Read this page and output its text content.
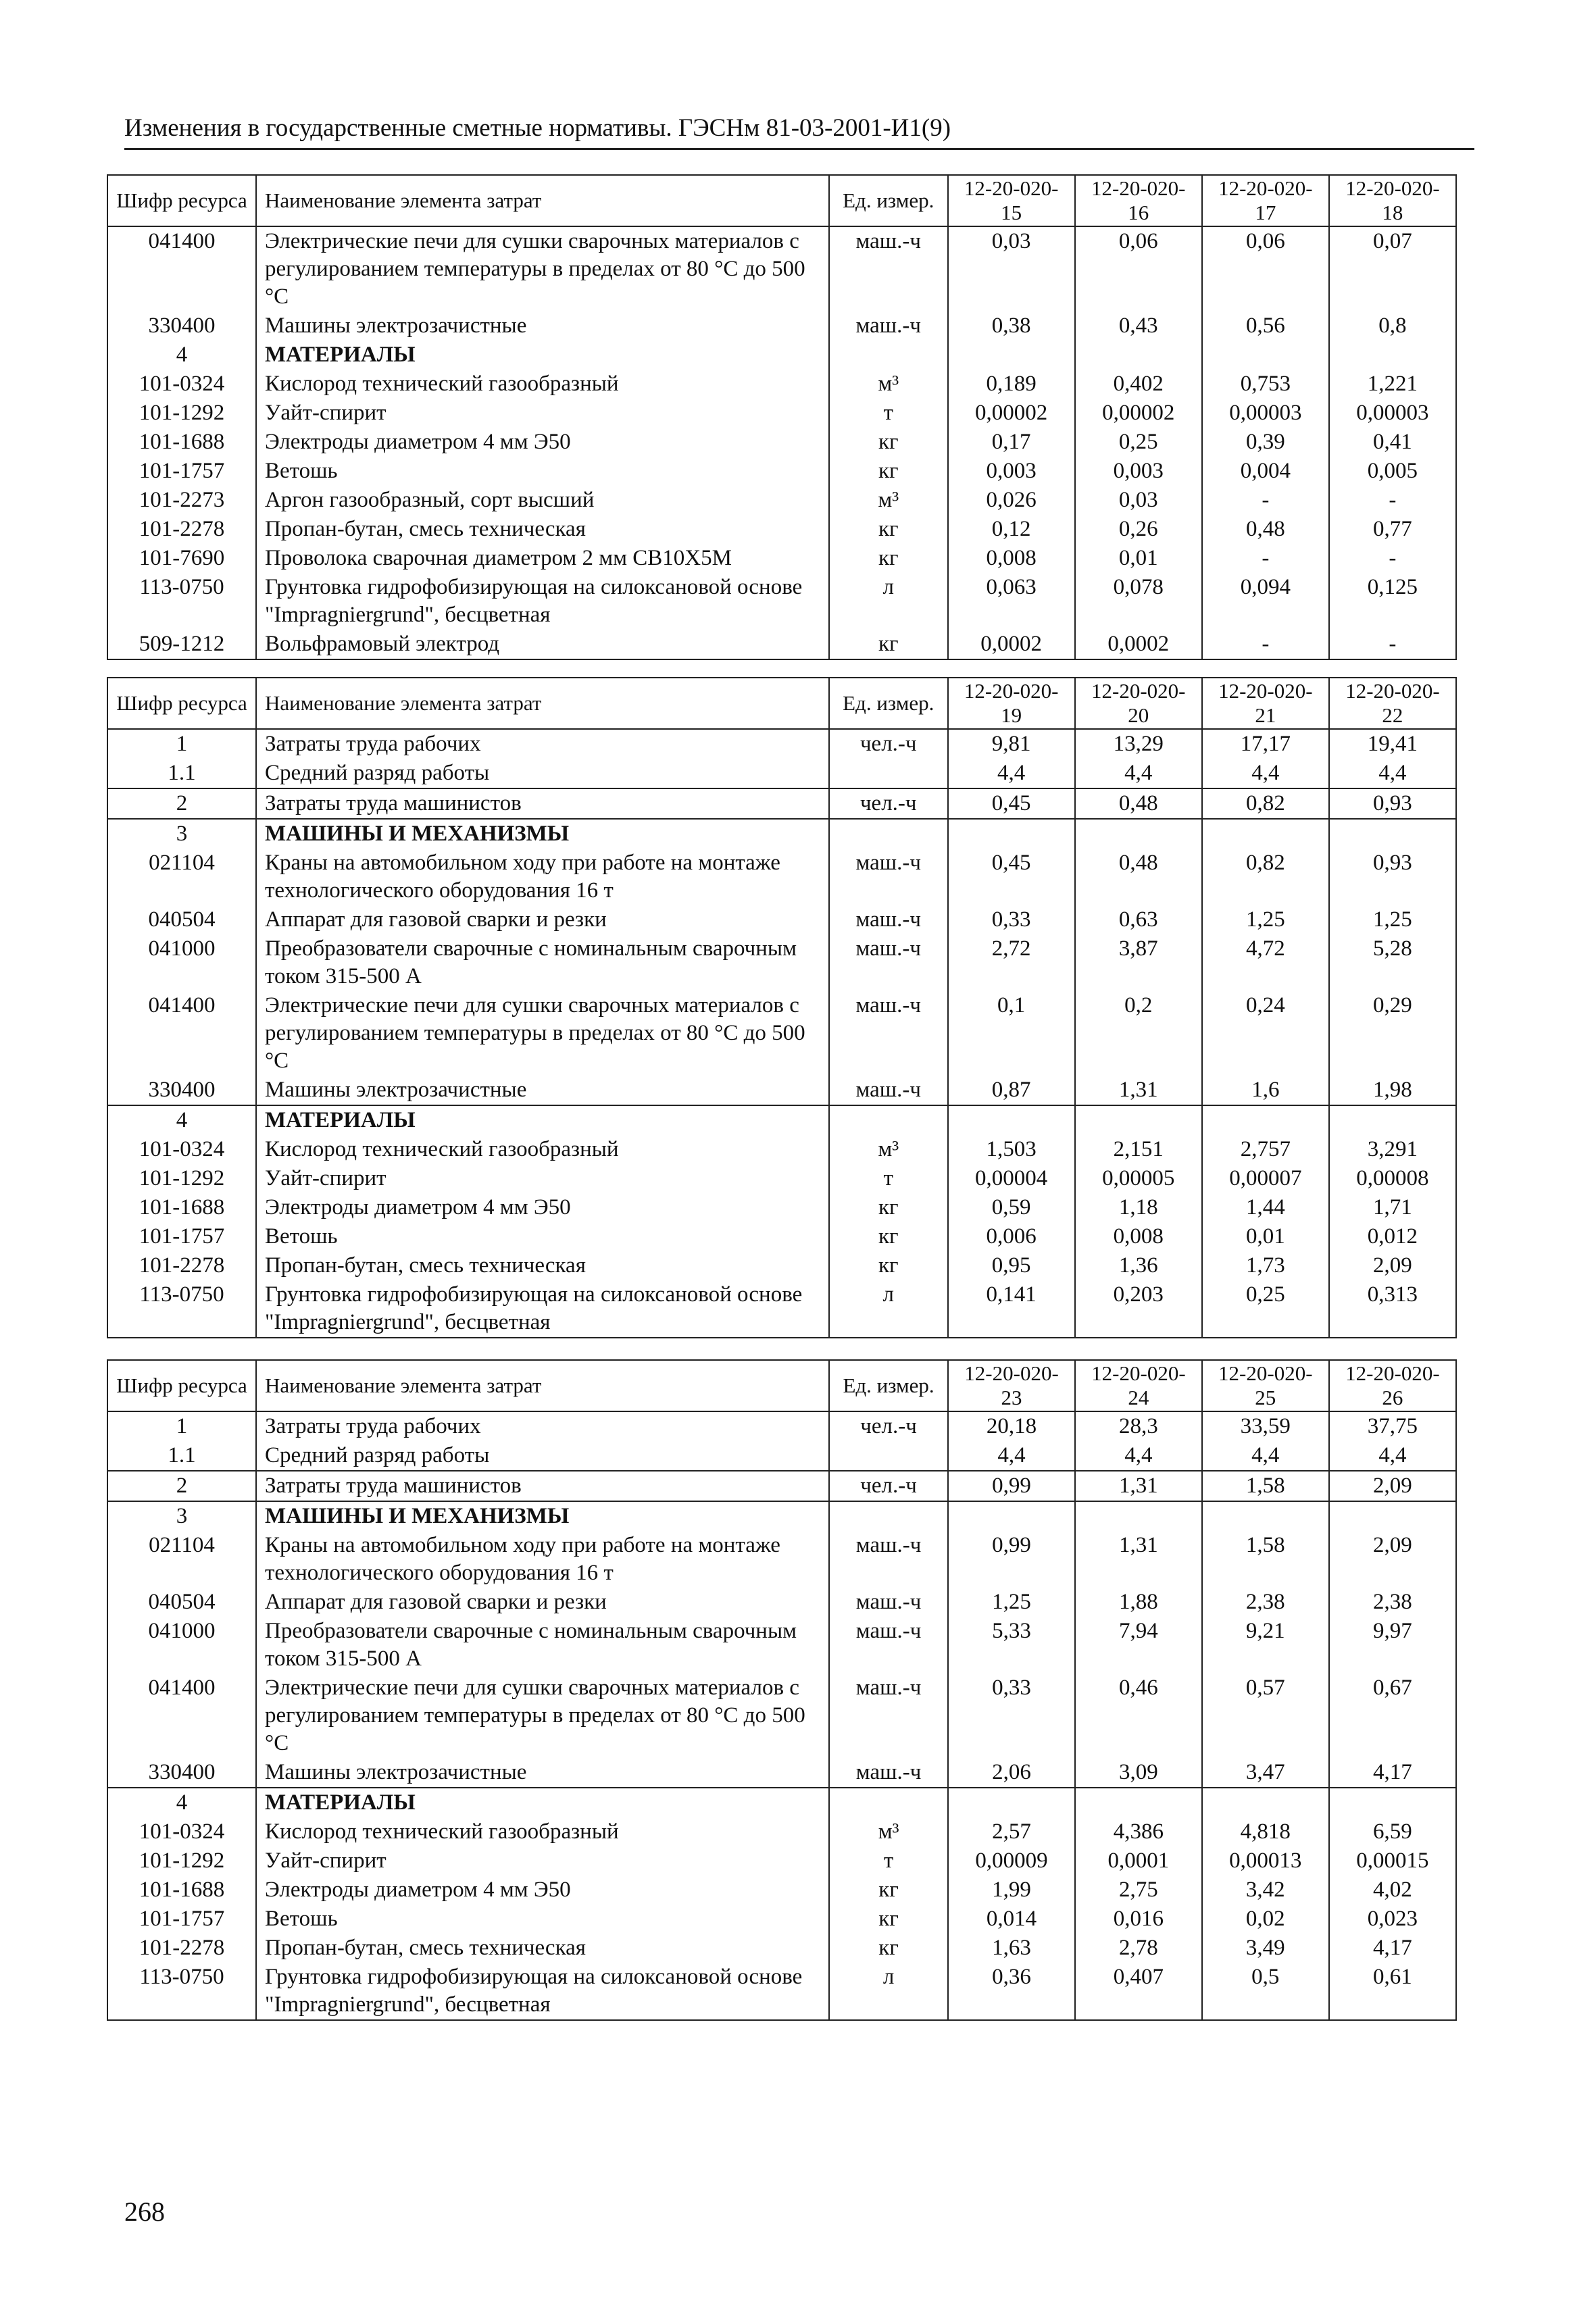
Изменения в государственные сметные нормативы. ГЭСНм 81-03-2001-И1(9)
Шифр ресурса	Наименование элемента затрат	Ед. измер.	12-20-020-15	12-20-020-16	12-20-020-17	12-20-020-18
041400	Электрические печи для сушки сварочных материалов с регулированием температуры в пределах от 80 °С до 500 °С	маш.-ч	0,03	0,06	0,06	0,07
330400	Машины электрозачистные	маш.-ч	0,38	0,43	0,56	0,8
4	МАТЕРИАЛЫ					
101-0324	Кислород технический газообразный	м³	0,189	0,402	0,753	1,221
101-1292	Уайт-спирит	т	0,00002	0,00002	0,00003	0,00003
101-1688	Электроды диаметром 4 мм Э50	кг	0,17	0,25	0,39	0,41
101-1757	Ветошь	кг	0,003	0,003	0,004	0,005
101-2273	Аргон газообразный, сорт высший	м³	0,026	0,03	-	-
101-2278	Пропан-бутан, смесь техническая	кг	0,12	0,26	0,48	0,77
101-7690	Проволока сварочная диаметром 2 мм СВ10Х5М	кг	0,008	0,01	-	-
113-0750	Грунтовка гидрофобизирующая на силоксановой основе "Impragniergrund", бесцветная	л	0,063	0,078	0,094	0,125
509-1212	Вольфрамовый электрод	кг	0,0002	0,0002	-	-
Шифр ресурса	Наименование элемента затрат	Ед. измер.	12-20-020-19	12-20-020-20	12-20-020-21	12-20-020-22
1	Затраты труда рабочих	чел.-ч	9,81	13,29	17,17	19,41
1.1	Средний разряд работы		4,4	4,4	4,4	4,4
2	Затраты труда машинистов	чел.-ч	0,45	0,48	0,82	0,93
3	МАШИНЫ И МЕХАНИЗМЫ					
021104	Краны на автомобильном ходу при работе на монтаже технологического оборудования 16 т	маш.-ч	0,45	0,48	0,82	0,93
040504	Аппарат для газовой сварки и резки	маш.-ч	0,33	0,63	1,25	1,25
041000	Преобразователи сварочные с номинальным сварочным током 315-500 А	маш.-ч	2,72	3,87	4,72	5,28
041400	Электрические печи для сушки сварочных материалов с регулированием температуры в пределах от 80 °С до 500 °С	маш.-ч	0,1	0,2	0,24	0,29
330400	Машины электрозачистные	маш.-ч	0,87	1,31	1,6	1,98
4	МАТЕРИАЛЫ					
101-0324	Кислород технический газообразный	м³	1,503	2,151	2,757	3,291
101-1292	Уайт-спирит	т	0,00004	0,00005	0,00007	0,00008
101-1688	Электроды диаметром 4 мм Э50	кг	0,59	1,18	1,44	1,71
101-1757	Ветошь	кг	0,006	0,008	0,01	0,012
101-2278	Пропан-бутан, смесь техническая	кг	0,95	1,36	1,73	2,09
113-0750	Грунтовка гидрофобизирующая на силоксановой основе "Impragniergrund", бесцветная	л	0,141	0,203	0,25	0,313
Шифр ресурса	Наименование элемента затрат	Ед. измер.	12-20-020-23	12-20-020-24	12-20-020-25	12-20-020-26
1	Затраты труда рабочих	чел.-ч	20,18	28,3	33,59	37,75
1.1	Средний разряд работы		4,4	4,4	4,4	4,4
2	Затраты труда машинистов	чел.-ч	0,99	1,31	1,58	2,09
3	МАШИНЫ И МЕХАНИЗМЫ					
021104	Краны на автомобильном ходу при работе на монтаже технологического оборудования 16 т	маш.-ч	0,99	1,31	1,58	2,09
040504	Аппарат для газовой сварки и резки	маш.-ч	1,25	1,88	2,38	2,38
041000	Преобразователи сварочные с номинальным сварочным током 315-500 А	маш.-ч	5,33	7,94	9,21	9,97
041400	Электрические печи для сушки сварочных материалов с регулированием температуры в пределах от 80 °С до 500 °С	маш.-ч	0,33	0,46	0,57	0,67
330400	Машины электрозачистные	маш.-ч	2,06	3,09	3,47	4,17
4	МАТЕРИАЛЫ					
101-0324	Кислород технический газообразный	м³	2,57	4,386	4,818	6,59
101-1292	Уайт-спирит	т	0,00009	0,0001	0,00013	0,00015
101-1688	Электроды диаметром 4 мм Э50	кг	1,99	2,75	3,42	4,02
101-1757	Ветошь	кг	0,014	0,016	0,02	0,023
101-2278	Пропан-бутан, смесь техническая	кг	1,63	2,78	3,49	4,17
113-0750	Грунтовка гидрофобизирующая на силоксановой основе "Impragniergrund", бесцветная	л	0,36	0,407	0,5	0,61
268
